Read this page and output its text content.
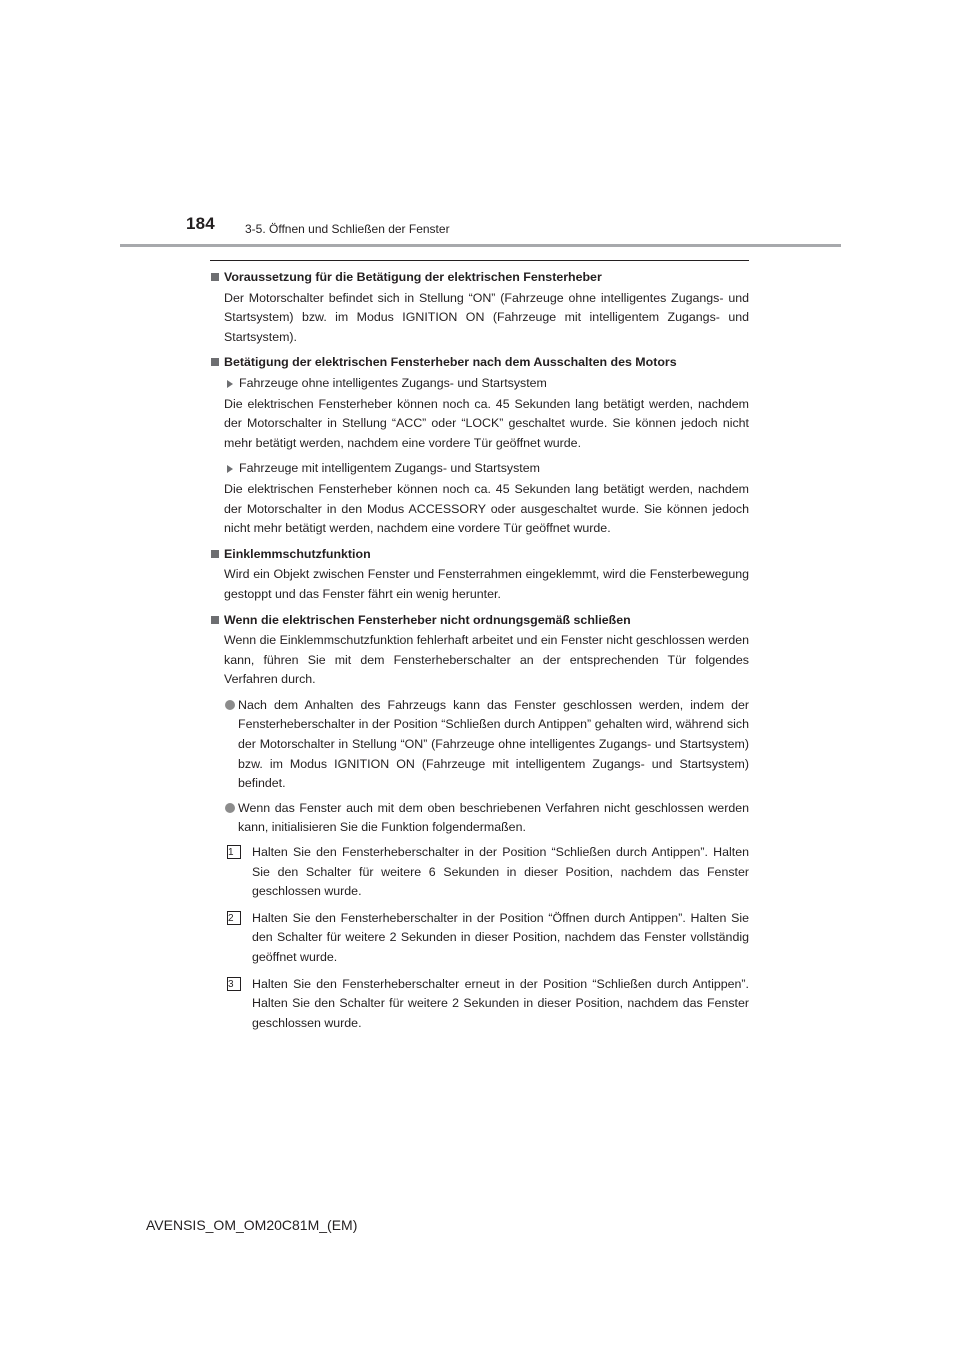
184	3-5. Öffnen und Schließen der Fenster
Voraussetzung für die Betätigung der elektrischen Fensterheber

Der Motorschalter befindet sich in Stellung “ON” (Fahrzeuge ohne intelligentes Zugangs- und Startsystem) bzw. im Modus IGNITION ON (Fahrzeuge mit intelligentem Zugangs- und Startsystem).

Betätigung der elektrischen Fensterheber nach dem Ausschalten des Motors
Fahrzeuge ohne intelligentes Zugangs- und Startsystem

Die elektrischen Fensterheber können noch ca. 45 Sekunden lang betätigt werden, nachdem der Motorschalter in Stellung “ACC” oder “LOCK” geschaltet wurde. Sie können jedoch nicht mehr betätigt werden, nachdem eine vordere Tür geöffnet wurde.

Fahrzeuge mit intelligentem Zugangs- und Startsystem

Die elektrischen Fensterheber können noch ca. 45 Sekunden lang betätigt werden, nachdem der Motorschalter in den Modus ACCESSORY oder ausgeschaltet wurde. Sie können jedoch nicht mehr betätigt werden, nachdem eine vordere Tür geöffnet wurde.

Einklemmschutzfunktion

Wird ein Objekt zwischen Fenster und Fensterrahmen eingeklemmt, wird die Fensterbewegung gestoppt und das Fenster fährt ein wenig herunter.

Wenn die elektrischen Fensterheber nicht ordnungsgemäß schließen

Wenn die Einklemmschutzfunktion fehlerhaft arbeitet und ein Fenster nicht geschlossen werden kann, führen Sie mit dem Fensterheberschalter an der entsprechenden Tür folgendes Verfahren durch.

Nach dem Anhalten des Fahrzeugs kann das Fenster geschlossen werden, indem der Fensterheberschalter in der Position “Schließen durch Antippen” gehalten wird, während sich der Motorschalter in Stellung “ON” (Fahrzeuge ohne intelligentes Zugangs- und Startsystem) bzw. im Modus IGNITION ON (Fahrzeuge mit intelligentem Zugangs- und Startsystem) befindet.
Wenn das Fenster auch mit dem oben beschriebenen Verfahren nicht geschlossen werden kann, initialisieren Sie die Funktion folgendermaßen.
1	Halten Sie den Fensterheberschalter in der Position “Schließen durch Antippen”. Halten Sie den Schalter für weitere 6 Sekunden in dieser Position, nachdem das Fenster geschlossen wurde.
2	Halten Sie den Fensterheberschalter in der Position “Öffnen durch Antippen”. Halten Sie den Schalter für weitere 2 Sekunden in dieser Position, nachdem das Fenster vollständig geöffnet wurde.
3	Halten Sie den Fensterheberschalter erneut in der Position “Schließen durch Antippen”. Halten Sie den Schalter für weitere 2 Sekunden in dieser Position, nachdem das Fenster geschlossen wurde.
AVENSIS_OM_OM20C81M_(EM)
